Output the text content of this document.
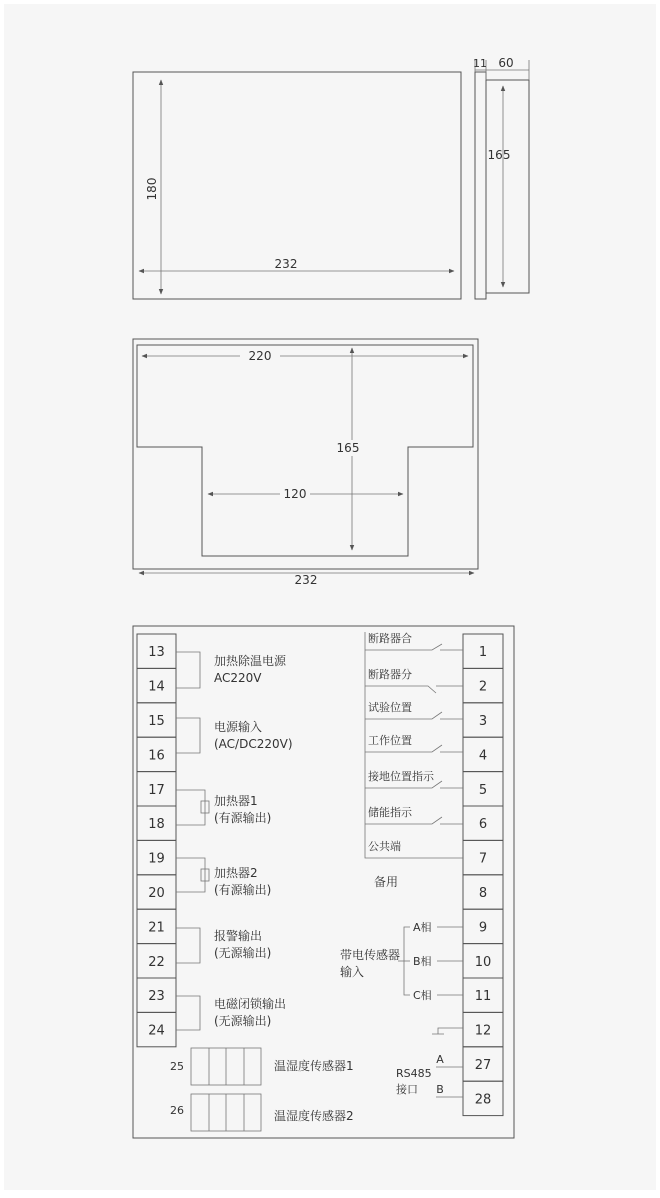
232
180
11 60
165
220
165
120
232
13
14
15
16
17
18
19
20
21
22
23
24
1
2
3
4
5
6
7
8
9
10
11
12
27
28
加热除温电源
AC220V
电源输入
(AC/DC220V)
加热器1
(有源输出)
加热器2
(有源输出)
报警输出
(无源输出)
电磁闭锁输出
(无源输出)
断路器合
断路器分
试验位置
工作位置
接地位置指示
储能指示
公共端
备用
A相
B相
C相
带电传感器
输入
A
B
RS485
接口
25	温湿度传感器1
26	温湿度传感器2
